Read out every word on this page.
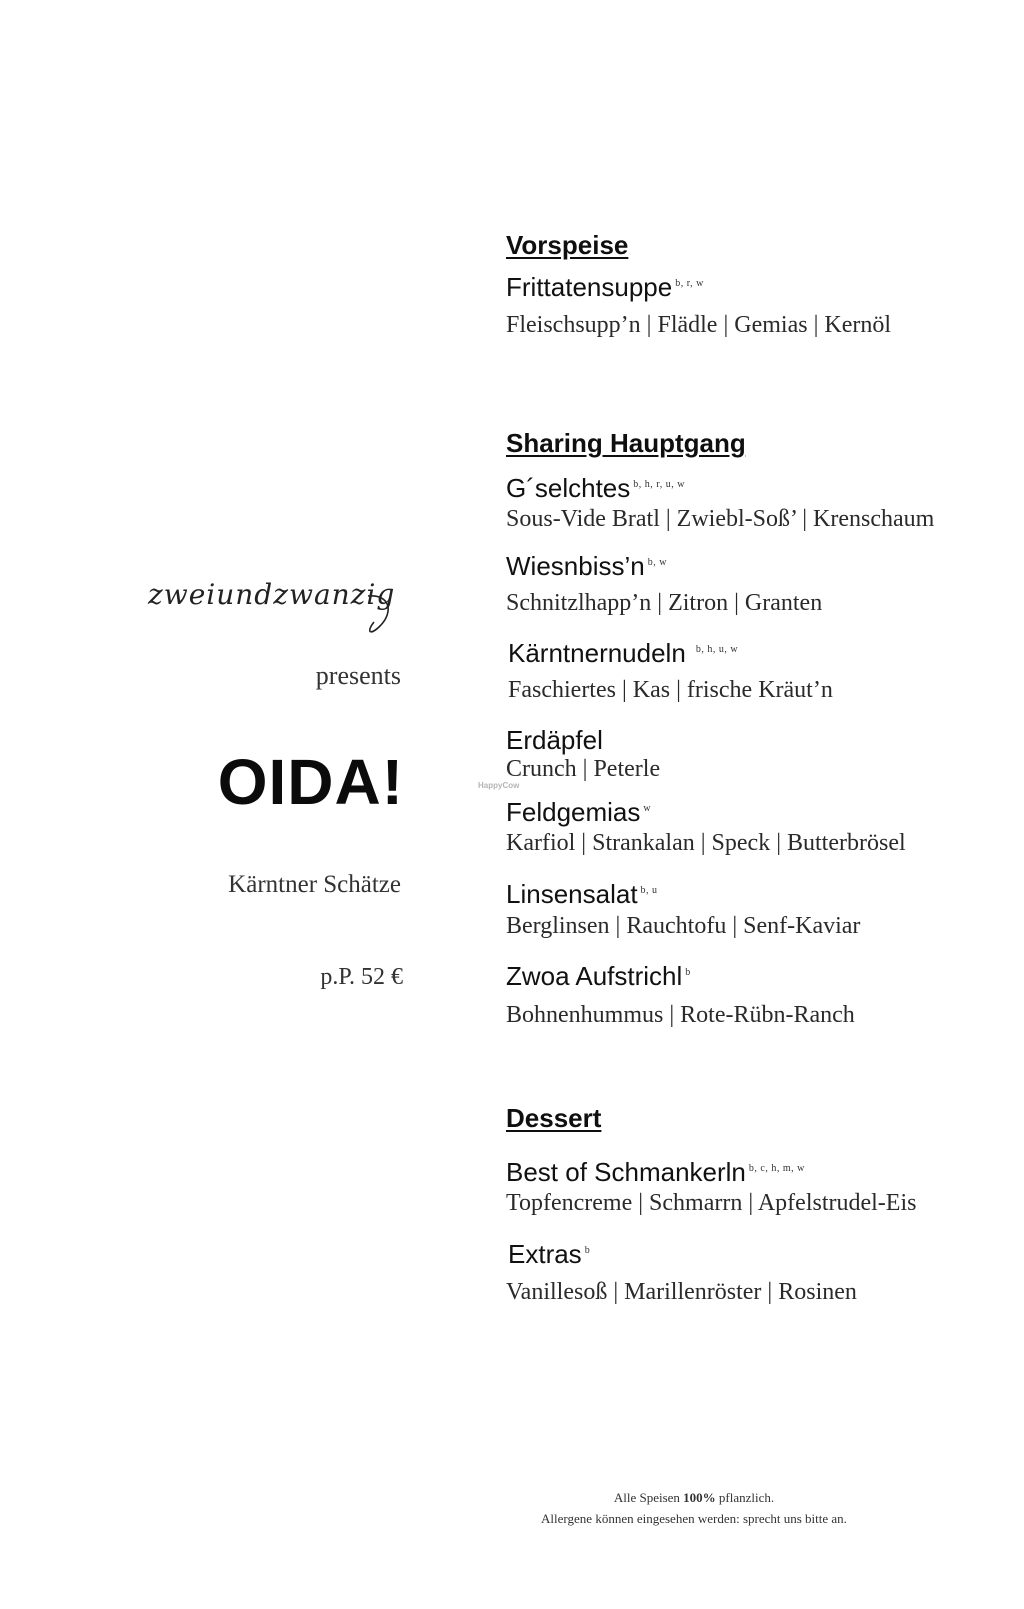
zweiundzwanzig
presents
OIDA!
Kärntner Schätze
p.P. 52 €
HappyCow
Vorspeise
Frittatensuppe $^{b, r, w}$
Fleischsupp’n | Flädle | Gemias | Kernöl
Sharing Hauptgang
G´selchtes $^{b, h, r, u, w}$
Sous-Vide Bratl | Zwiebl-Soß’ | Krenschaum
Wiesnbiss’n $^{b, w}$
Schnitzlhapp’n | Zitron | Granten
Kärntnernudeln $^{b, h, u, w}$
Faschiertes | Kas | frische Kräut’n
Erdäpfel
Crunch | Peterle
Feldgemias $^w$
Karfiol | Strankalan | Speck | Butterbrösel
Linsensalat $^{b, u}$
Berglinsen | Rauchtofu | Senf-Kaviar
Zwoa Aufstrichl $^b$
Bohnenhummus | Rote-Rübn-Ranch
Dessert
Best of Schmankerln $^{b, c, h, m, w}$
Topfencreme | Schmarrn | Apfelstrudel-Eis
Extras $^b$
Vanillesoß | Marillenröster | Rosinen
Alle Speisen 100% pflanzlich.
Allergene können eingesehen werden: sprecht uns bitte an.
